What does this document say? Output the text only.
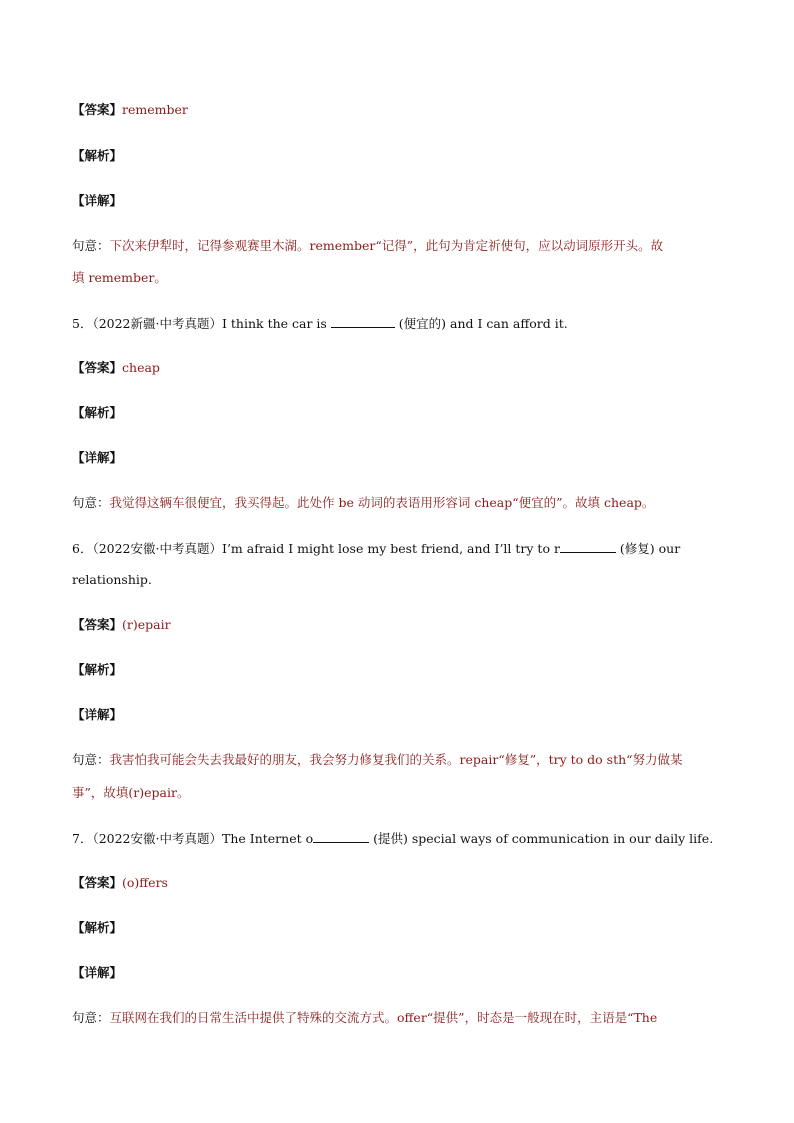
【答案】remember
【解析】
【详解】
句意：下次来伊犁时，记得参观赛里木湖。remember“记得”，此句为肯定祈使句，应以动词原形开头。故
填 remember。
5．（2022新疆·中考真题）I think the car is	(便宜的) and I can afford it.
【答案】cheap
【解析】
【详解】
句意：我觉得这辆车很便宜，我买得起。此处作 be 动词的表语用形容词 cheap“便宜的”。故填 cheap。
6．（2022安徽·中考真题）I’m afraid I might lose my best friend, and I’ll try to r	(修复) our
relationship.
【答案】(r)epair
【解析】
【详解】
句意：我害怕我可能会失去我最好的朋友，我会努力修复我们的关系。repair“修复”，try to do sth“努力做某
事”，故填(r)epair。
7．（2022安徽·中考真题）The Internet o	(提供) special ways of communication in our daily life.
【答案】(o)ffers
【解析】
【详解】
句意：互联网在我们的日常生活中提供了特殊的交流方式。offer“提供”，时态是一般现在时，主语是“The
